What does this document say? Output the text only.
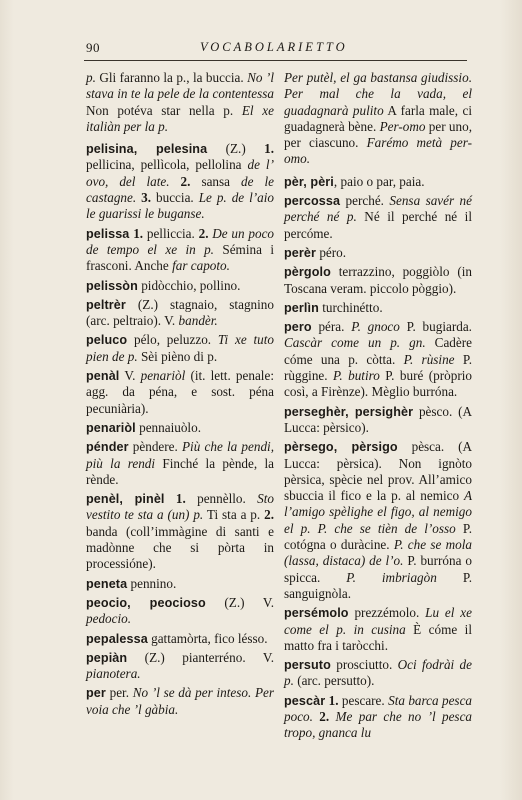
90	VOCABOLARIETTO

p. Gli faranno la p., la buccia. No ’l stava in te la pele de la contentessa Non potéva star nella p. El xe italiàn per la p.

pelisina, pelesina (Z.) 1. pellicina, pellìcola, pellolina de l’ ovo, del late. 2. sansa de le castagne. 3. buccia. Le p. de l’aio le guarissi le buganse.

pelissa 1. pelliccia. 2. De un poco de tempo el xe in p. Sémina i frasconi. Anche far capoto.

pelissòn pidòcchio, pollino.

peltrèr (Z.) stagnaio, stagnino (arc. peltraio). V. bandèr.

peluco pélo, peluzzo. Ti xe tuto pien de p. Sèi pièno di p.

penàl V. penariòl (it. lett. penale: agg. da péna, e sost. péna pecuniària).

penariòl pennaiuòlo.

pénder pèndere. Più che la pendi, più la rendi Finché la pènde, la rènde.

penèl, pinèl 1. pennèllo. Sto vestito te sta a (un) p. Ti sta a p. 2. banda (coll’immàgine di santi e madònne che si pòrta in processióne).

peneta pennino.

peocio, peocioso (Z.) V. pedocio.

pepalessa gattamòrta, fico lésso.

pepiàn (Z.) pianterréno. V. pianotera.

per per. No ’l se dà per inteso. Per voia che ’l gàbia.

Per putèl, el ga bastansa giudissio. Per mal che la vada, el guadagnarà pulito A farla male, ci guadagnerà bène. Per-omo per uno, per ciascuno. Farémo metà per-omo.

pèr, pèri, paio o par, paia.

percossa perché. Sensa savér né perché né p. Né il perché né il percóme.

perèr péro.

pèrgolo terrazzino, poggiòlo (in Toscana veram. piccolo pòggio).

perlìn turchinétto.

pero péra. P. gnoco P. bugiarda. Cascàr come un p. gn. Cadère cóme una p. còtta. P. rùsine P. rùggine. P. butiro P. buré (pròprio così, a Firènze). Mèglio burróna.

perseghèr, persighèr pèsco. (A Lucca: pèrsico).

pèrsego, pèrsigo pèsca. (A Lucca: pèrsica). Non ignòto pèrsica, spècie nel prov. All’amico sbuccia il fico e la p. al nemico A l’amigo spèlighe el figo, al nemigo el p. P. che se tièn de l’osso P. cotógna o duràcine. P. che se mola (lassa, distaca) de l’o. P. burróna o spicca. P. imbriagòn P. sanguignòla.

persémolo prezzémolo. Lu el xe come el p. in cusina È cóme il matto fra i taròcchi.

persuto prosciutto. Oci fodrài de p. (arc. persutto).

pescàr 1. pescare. Sta barca pesca poco. 2. Me par che no ’l pesca tropo, gnanca lu
